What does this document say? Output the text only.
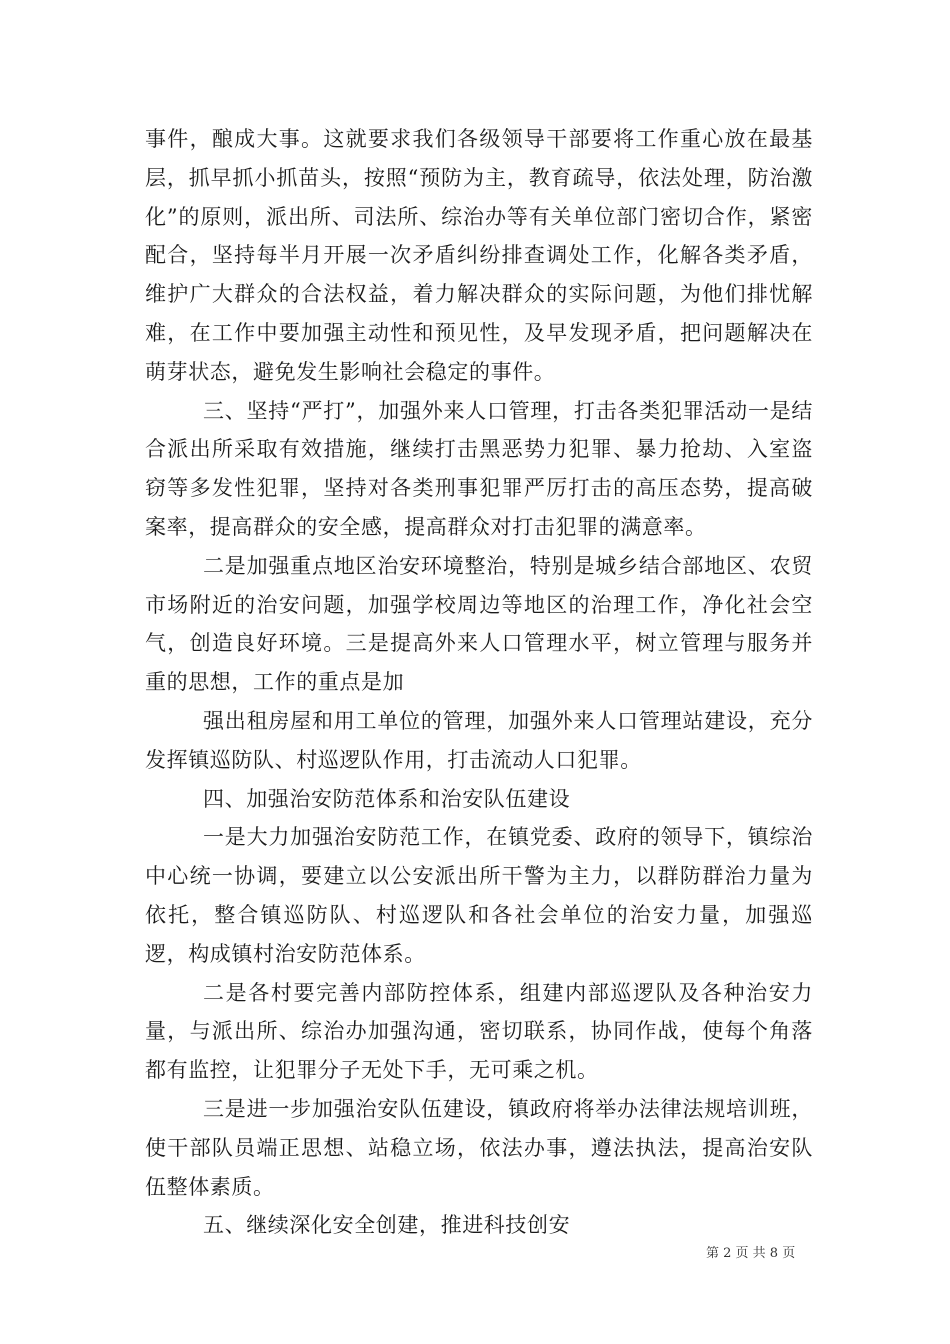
事件，酿成大事。这就要求我们各级领导干部要将工作重心放在最基层，抓早抓小抓苗头，按照“预防为主，教育疏导，依法处理，防治激化”的原则，派出所、司法所、综治办等有关单位部门密切合作，紧密配合，坚持每半月开展一次矛盾纠纷排查调处工作，化解各类矛盾，维护广大群众的合法权益，着力解决群众的实际问题，为他们排忧解难，在工作中要加强主动性和预见性，及早发现矛盾，把问题解决在萌芽状态，避免发生影响社会稳定的事件。

三、坚持“严打”，加强外来人口管理，打击各类犯罪活动一是结合派出所采取有效措施，继续打击黑恶势力犯罪、暴力抢劫、入室盗窃等多发性犯罪，坚持对各类刑事犯罪严厉打击的高压态势，提高破案率，提高群众的安全感，提高群众对打击犯罪的满意率。

二是加强重点地区治安环境整治，特别是城乡结合部地区、农贸市场附近的治安问题，加强学校周边等地区的治理工作，净化社会空气，创造良好环境。三是提高外来人口管理水平，树立管理与服务并重的思想，工作的重点是加

强出租房屋和用工单位的管理，加强外来人口管理站建设，充分发挥镇巡防队、村巡逻队作用，打击流动人口犯罪。

四、加强治安防范体系和治安队伍建设

一是大力加强治安防范工作，在镇党委、政府的领导下，镇综治中心统一协调，要建立以公安派出所干警为主力，以群防群治力量为依托，整合镇巡防队、村巡逻队和各社会单位的治安力量，加强巡逻，构成镇村治安防范体系。

二是各村要完善内部防控体系，组建内部巡逻队及各种治安力量，与派出所、综治办加强沟通，密切联系，协同作战，使每个角落都有监控，让犯罪分子无处下手，无可乘之机。

三是进一步加强治安队伍建设，镇政府将举办法律法规培训班，使干部队员端正思想、站稳立场，依法办事，遵法执法，提高治安队伍整体素质。

五、继续深化安全创建，推进科技创安

第 2 页 共 8 页
